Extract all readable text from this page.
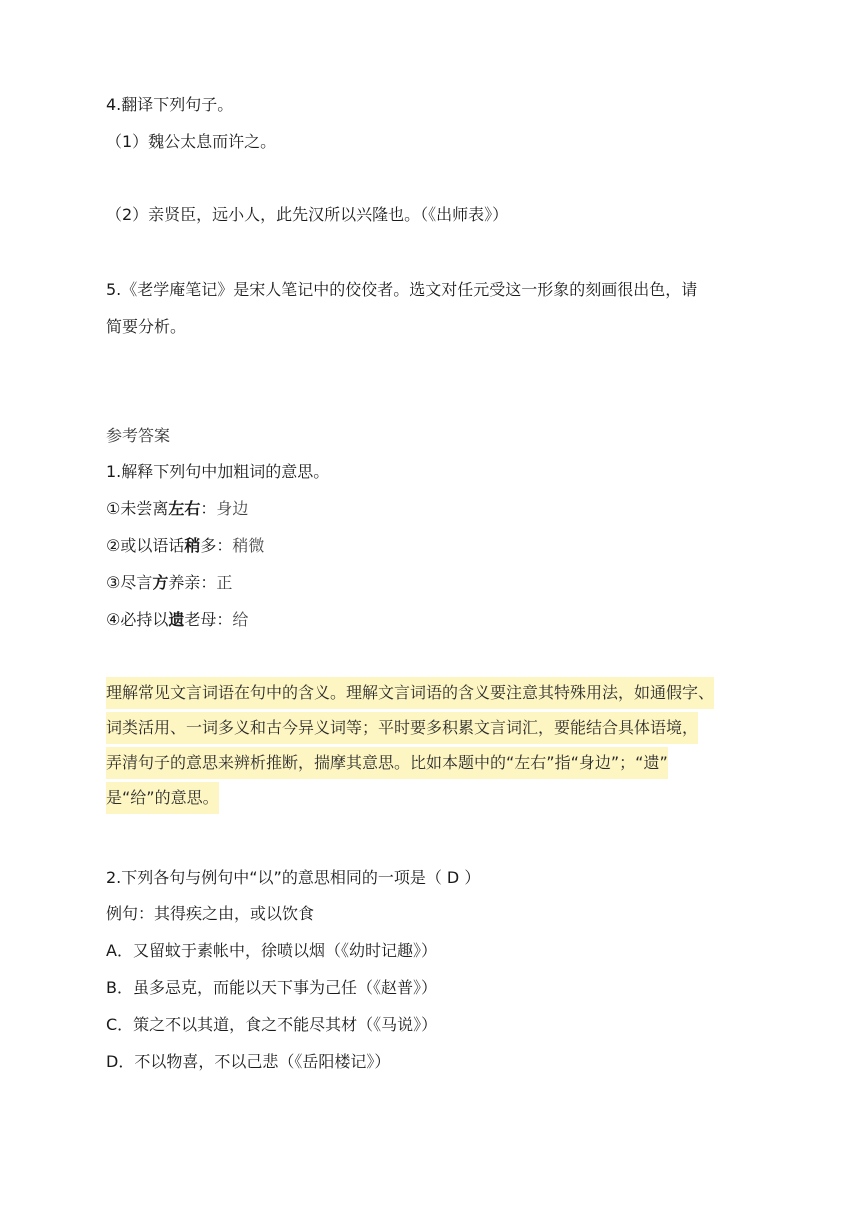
4.翻译下列句子。
（1）魏公太息而许之。
（2）亲贤臣，远小人，此先汉所以兴隆也。（《出师表》）
5.《老学庵笔记》是宋人笔记中的佼佼者。选文对任元受这一形象的刻画很出色，请
简要分析。
参考答案
1.解释下列句中加粗词的意思。
①未尝离左右：身边
②或以语话稍多：稍微
③尽言方养亲：正
④必持以遗老母：给
理解常见文言词语在句中的含义。理解文言词语的含义要注意其特殊用法，如通假字、
词类活用、一词多义和古今异义词等；平时要多积累文言词汇，要能结合具体语境，
弄清句子的意思来辨析推断，揣摩其意思。比如本题中的“左右”指“身边”；“遗”
是“给”的意思。
2.下列各句与例句中“以”的意思相同的一项是（ D ）
例句：其得疾之由，或以饮食
A．又留蚊于素帐中，徐喷以烟（《幼时记趣》）
B．虽多忌克，而能以天下事为己任（《赵普》）
C．策之不以其道，食之不能尽其材（《马说》）
D．不以物喜，不以己悲（《岳阳楼记》）
